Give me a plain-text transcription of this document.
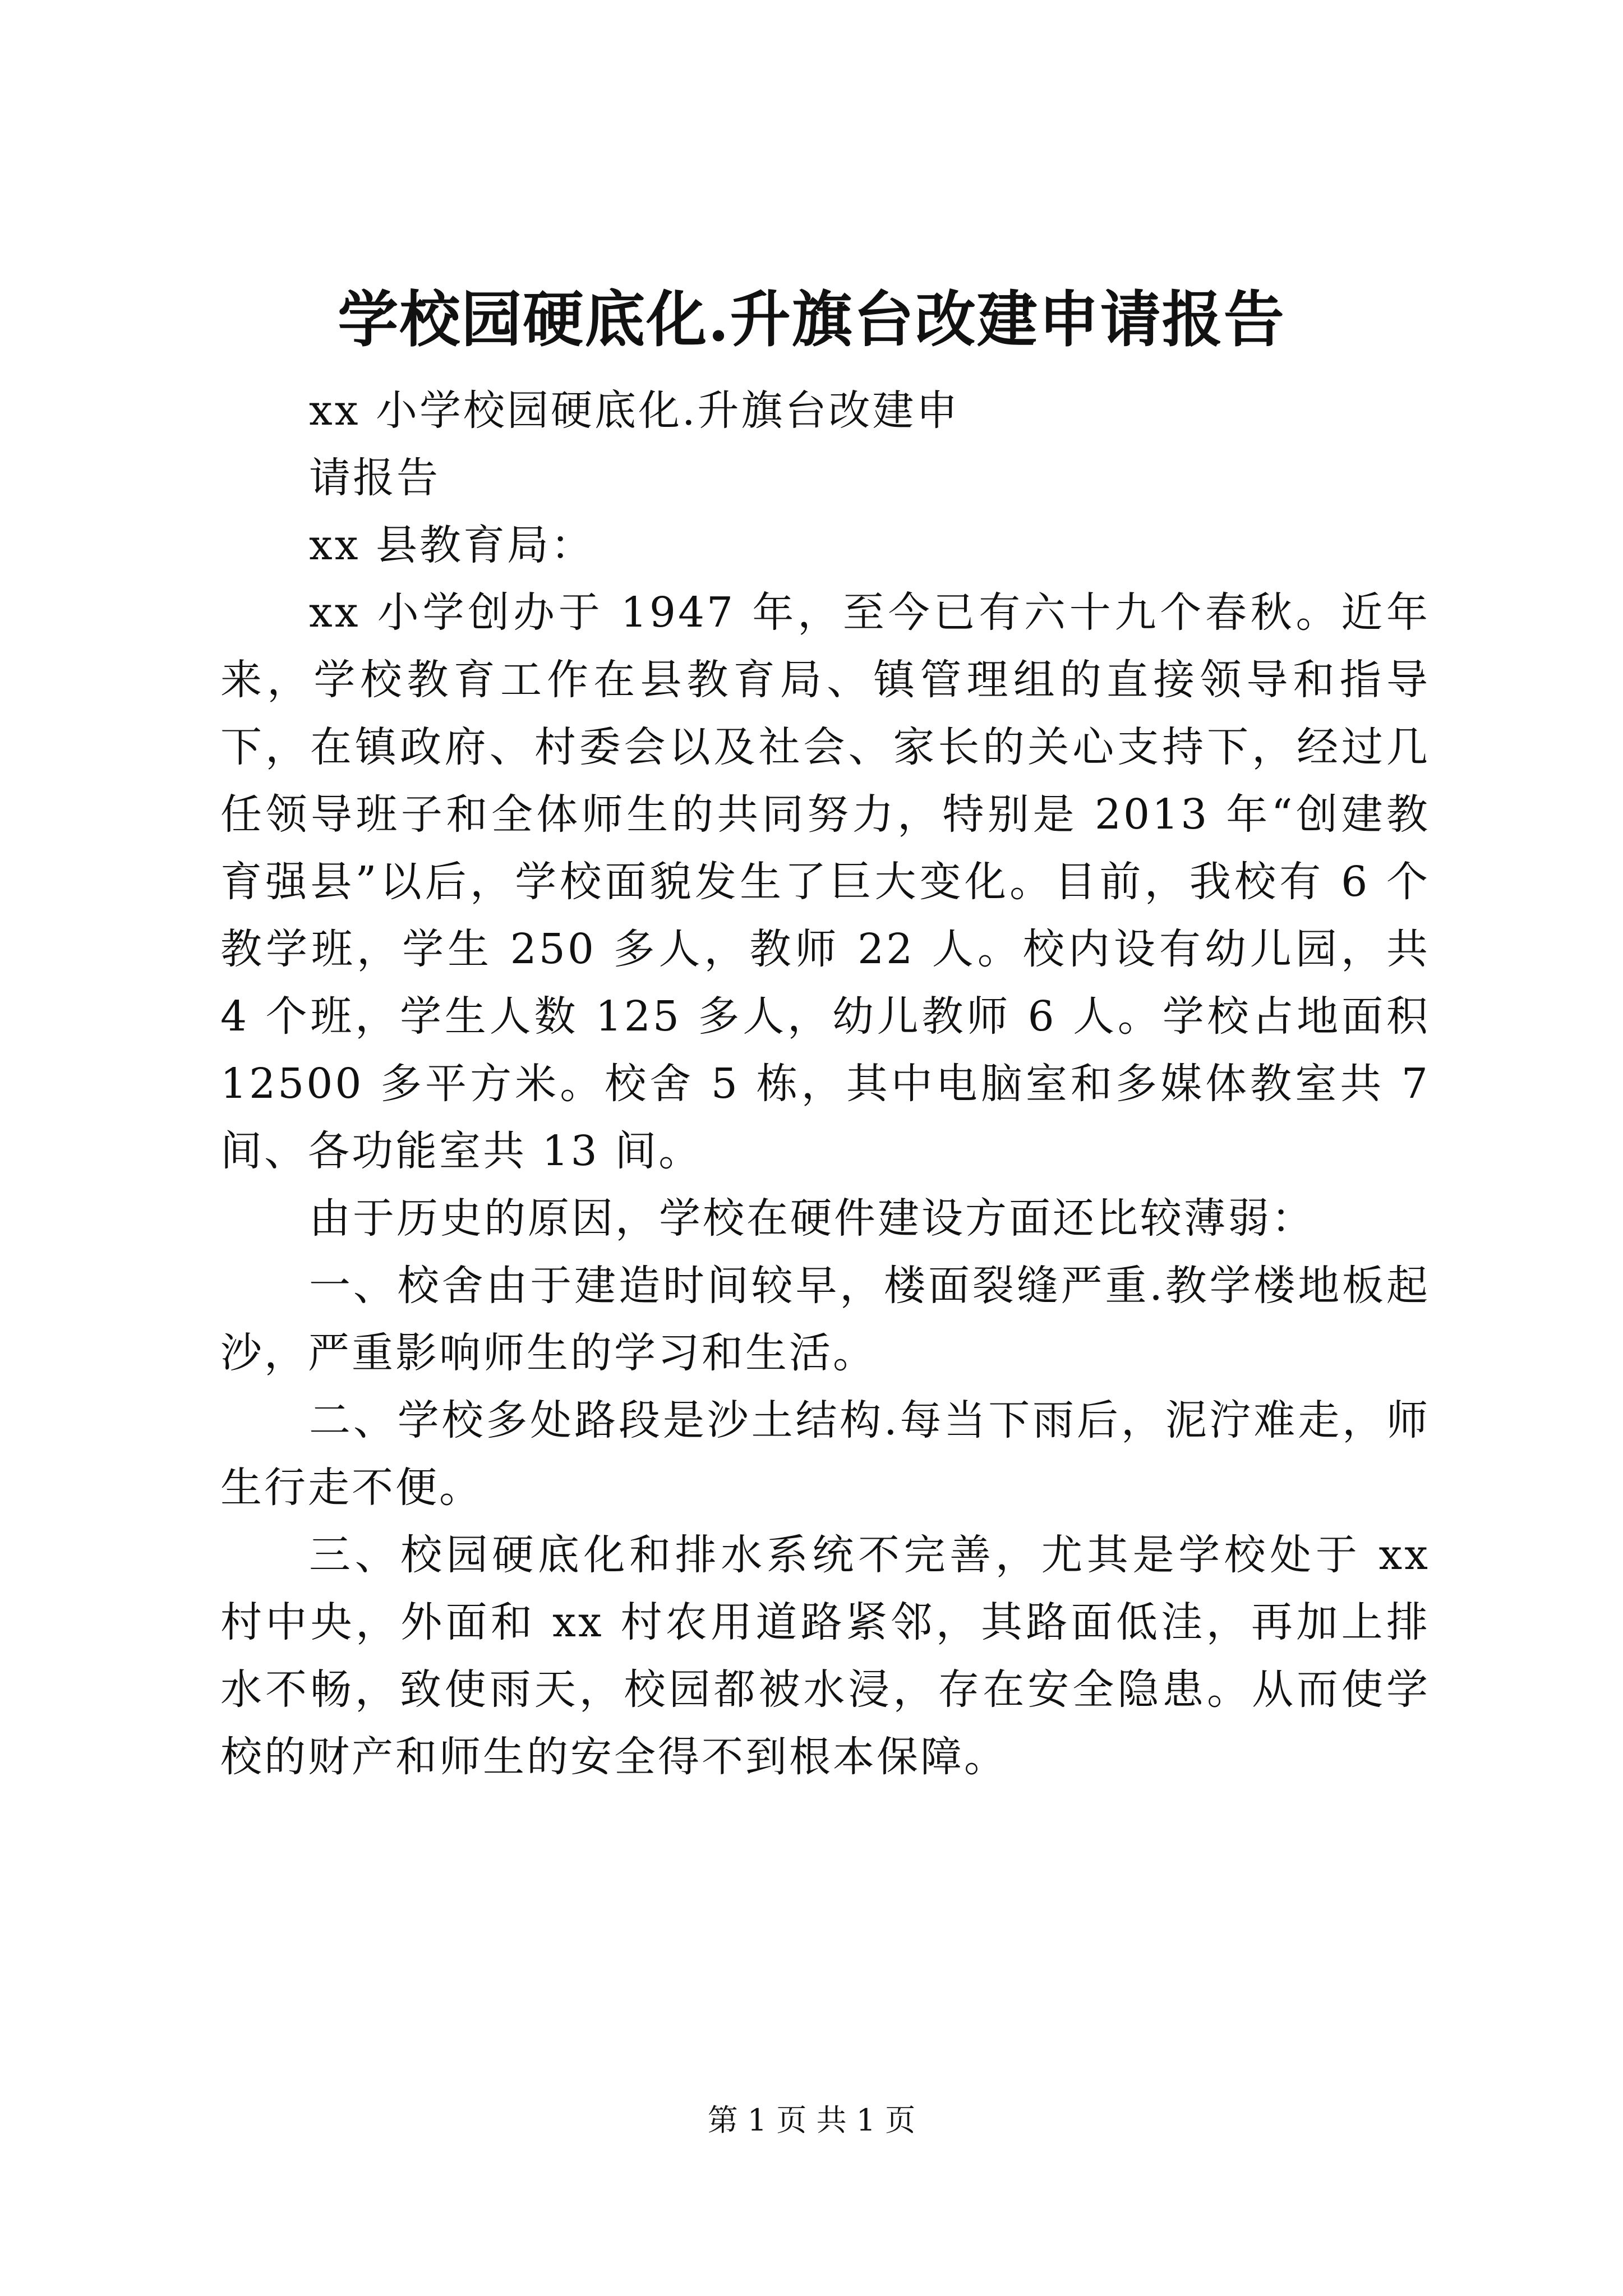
学校园硬底化.升旗台改建申请报告

xx 小学校园硬底化.升旗台改建申

请报告

xx 县教育局：

xx 小学创办于 1947 年，至今已有六十九个春秋。近年来，学校教育工作在县教育局、镇管理组的直接领导和指导下，在镇政府、村委会以及社会、家长的关心支持下，经过几任领导班子和全体师生的共同努力，特别是 2013 年“创建教育强县”以后，学校面貌发生了巨大变化。目前，我校有 6 个教学班，学生 250 多人，教师 22 人。校内设有幼儿园，共 4 个班，学生人数 125 多人，幼儿教师 6 人。学校占地面积 12500 多平方米。校舍 5 栋，其中电脑室和多媒体教室共 7 间、各功能室共 13 间。

由于历史的原因，学校在硬件建设方面还比较薄弱：

一、校舍由于建造时间较早，楼面裂缝严重.教学楼地板起沙，严重影响师生的学习和生活。

二、学校多处路段是沙土结构.每当下雨后，泥泞难走，师生行走不便。

三、校园硬底化和排水系统不完善，尤其是学校处于 xx 村中央，外面和 xx 村农用道路紧邻，其路面低洼，再加上排水不畅，致使雨天，校园都被水浸，存在安全隐患。从而使学校的财产和师生的安全得不到根本保障。

第 1 页 共 1 页
